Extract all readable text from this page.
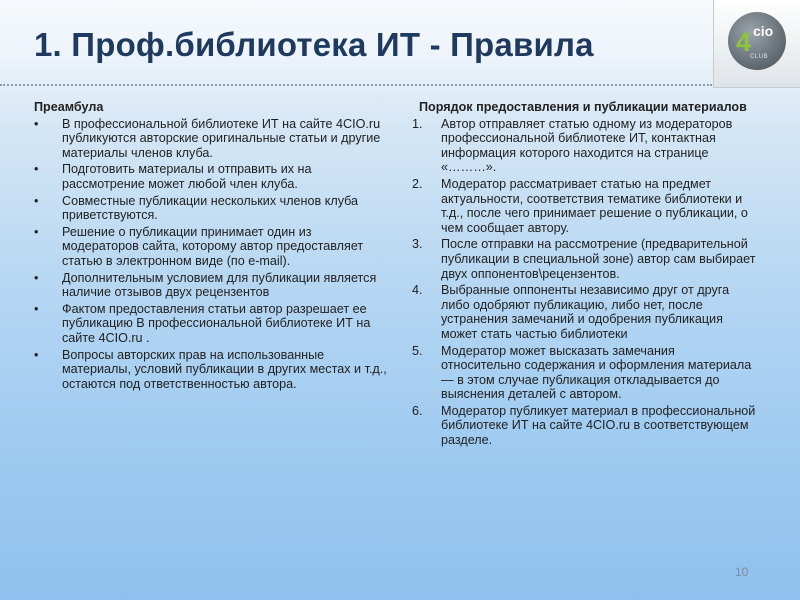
1. Проф.библиотека ИТ - Правила	4 cio
CLUB
Преамбула
• В профессиональной библиотеке ИТ на сайте 4CIO.ru публикуются авторские оригинальные статьи и другие материалы членов клуба.
• Подготовить материалы и отправить их на рассмотрение может любой член клуба.
• Совместные публикации нескольких членов клуба приветствуются.
• Решение о публикации принимает один из модераторов сайта, которому автор предоставляет статью в электронном виде (по e-mail).
• Дополнительным условием для публикации является наличие отзывов двух рецензентов
• Фактом предоставления статьи автор разрешает ее публикацию В профессиональной библиотеке ИТ на сайте 4CIO.ru .
• Вопросы авторских прав на использованные материалы, условий публикации в других местах и т.д., остаются под ответственностью автора.
Порядок предоставления и публикации материалов
1. Автор отправляет статью одному из модераторов профессиональной библиотеке ИТ, контактная информация которого находится на странице «………».
2. Модератор рассматривает статью на предмет актуальности, соответствия тематике библиотеки и т.д., после чего принимает решение о публикации, о чем сообщает автору.
3. После отправки на рассмотрение (предварительной публикации в специальной зоне) автор сам выбирает двух оппонентов\рецензентов.
4. Выбранные оппоненты независимо друг от друга либо одобряют публикацию, либо нет, после устранения замечаний и одобрения публикация может стать частью библиотеки
5. Модератор может высказать замечания относительно содержания и оформления материала — в этом случае публикация откладывается до выяснения деталей с автором.
6. Модератор публикует материал в профессиональной библиотеке ИТ на сайте 4CIO.ru в соответствующем разделе.
10
